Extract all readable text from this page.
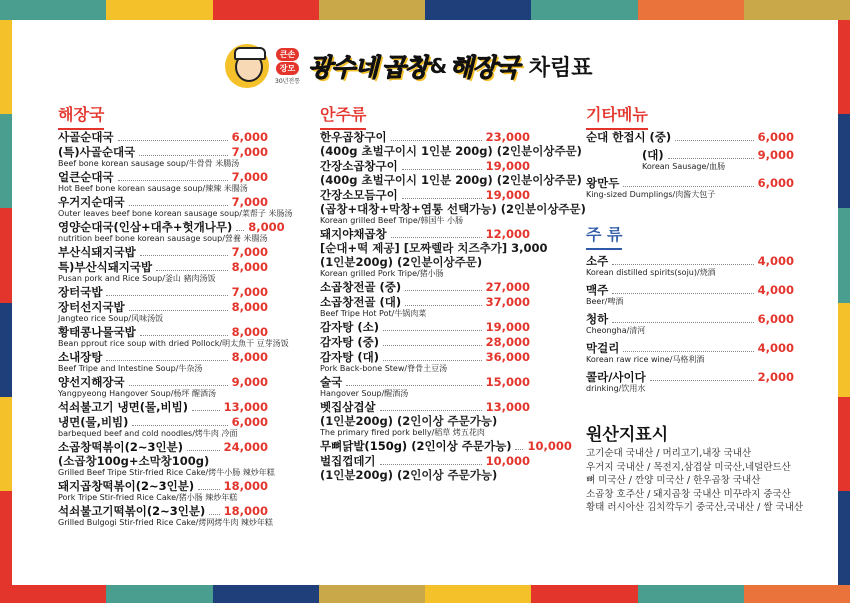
큰손
장모
30년전통 광수네 곱창 & 해장국 차림표
해장국	안주류	기타메뉴
주 류
사골순대국	6,000
(특)사골순대국	7,000
Beef bone korean sausage soup/牛骨骨 米腸汤
얼큰순대국	7,000
Hot Beef bone korean sausage soup/辣辣 米腸汤
우거지순대국	7,000
Outer leaves beef bone korean sausage soup/菜帮子 米肠汤
영양순대국(인삼+대추+헛개나무) 8,000
nutrition beef bone korean sausage soup/營養 米腸汤
부산식돼지국밥	7,000
특)부산식돼지국밥	8,000
Pusan pork and Rice Soup/釜山 豬肉汤饭
장터국밥	7,000
장터선지국밥	8,000
Jangteo rice Soup/风味汤饭
황태콩나물국밥	8,000
Bean pprout rice soup with dried Pollock/明太魚干 豆芽汤饭
소내장탕	8,000
Beef Tripe and Intestine Soup/牛杂汤
양선지해장국	9,000
Yangpyeong Hangover Soup/杨坪 醒酒汤
석쇠불고기 냉면(물,비빔)	13,000
냉면(물,비빔)	6,000
barbequed beef and cold noodles/烤牛肉 冷面
소곱창떡볶이(2~3인분)	24,000
(소곱창100g+소막창100g)
Grilled Beef Tripe Stir-fried Rice Cake/烤牛小肠 辣炒年糕
돼지곱창떡볶이(2~3인분)	18,000
Pork Tripe Stir-fried Rice Cake/猪小肠 辣炒年糕
석쇠불고기떡볶이(2~3인분) 18,000
Grilled Bulgogi Stir-fried Rice Cake/烤网烤牛肉 辣炒年糕
한우곱창구이	23,000
(400g 초벌구이시 1인분 200g) (2인분이상주문)
간장소곱창구이	19,000
(400g 초벌구이시 1인분 200g) (2인분이상주문)
간장소모듬구이	19,000
(곱창+대창+막창+염통 선택가능) (2인분이상주문)
Korean grilled Beef Tripe/韩国牛 小肠
돼지야채곱창	12,000
[순대+떡 제공] [모짜렐라 치즈추가] 3,000
(1인분200g) (2인분이상주문)
Korean grilled Pork Tripe/猪小肠
소곱창전골 (중)	27,000
소곱창전골 (대)	37,000
Beef Tripe Hot Pot/牛锅肉菜
감자탕 (소)	19,000
감자탕 (중)	28,000
감자탕 (대)	36,000
Pork Back-bone Stew/脊骨土豆汤
술국	15,000
Hangover Soup/醒酒汤
벳집삼겹살	13,000
(1인분200g) (2인이상 주문가능)
The primary fired pork belly/稻草 烤五花肉
무뼈닭발(150g) (2인이상 주문가능) 10,000
벌집껍데기	10,000
(1인분200g) (2인이상 주문가능)
순대 한접시 (중)	6,000
(대)	9,000
Korean Sausage/血肠
왕만두	6,000
King-sized Dumplings/肉酱大包子
소주	4,000
Korean distilled spirits(soju)/烧酒
맥주	4,000
Beer/啤酒
청하	6,000
Cheongha/清河
막걸리	4,000
Korean raw rice wine/马格利酒
콜라/사이다	2,000
drinking/饮用水
원산지표시
고기순대 국내산 / 머리고기,내장 국내산
우거지 국내산 / 목전지,삼겹살 미국산,네덜란드산
뼈 미국산 / 깐양 미국산 / 한우곱창 국내산
소곱창 호주산 / 돼지곱창 국내산 미꾸라지 중국산
황태 러시아산 김치깍두기 중국산,국내산 / 쌀 국내산
